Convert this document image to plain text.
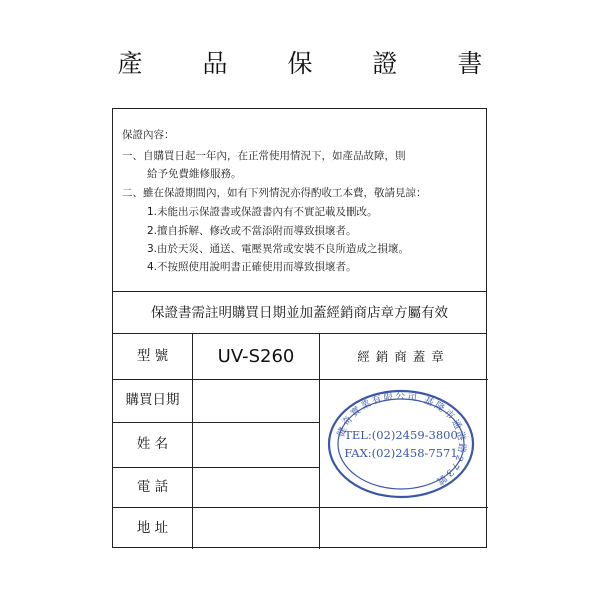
產 品 保 證 書
保證內容：
一、自購買日起一年內，在正常使用情況下，如產品故障，則
給予免費維修服務。
二、雖在保證期間內，如有下列情況亦得酌收工本費，敬請見諒：
1.未能出示保證書或保證書內有不實記載及刪改。
2.擅自拆解、修改或不當添附而導致損壞者。
3.由於天災、通送、電壓異常或安裝不良所造成之損壞。
4.不按照使用說明書正確使用而導致損壞者。
保證書需註明購買日期並加蓋經銷商店章方屬有效
型 號	UV-S260	經銷商蓋章
購買日期
姓 名
電 話
地 址
健奇實業有限公司 基隆市通港路273號
TEL:(02)2459-3800
FAX:(02)2458-7571
